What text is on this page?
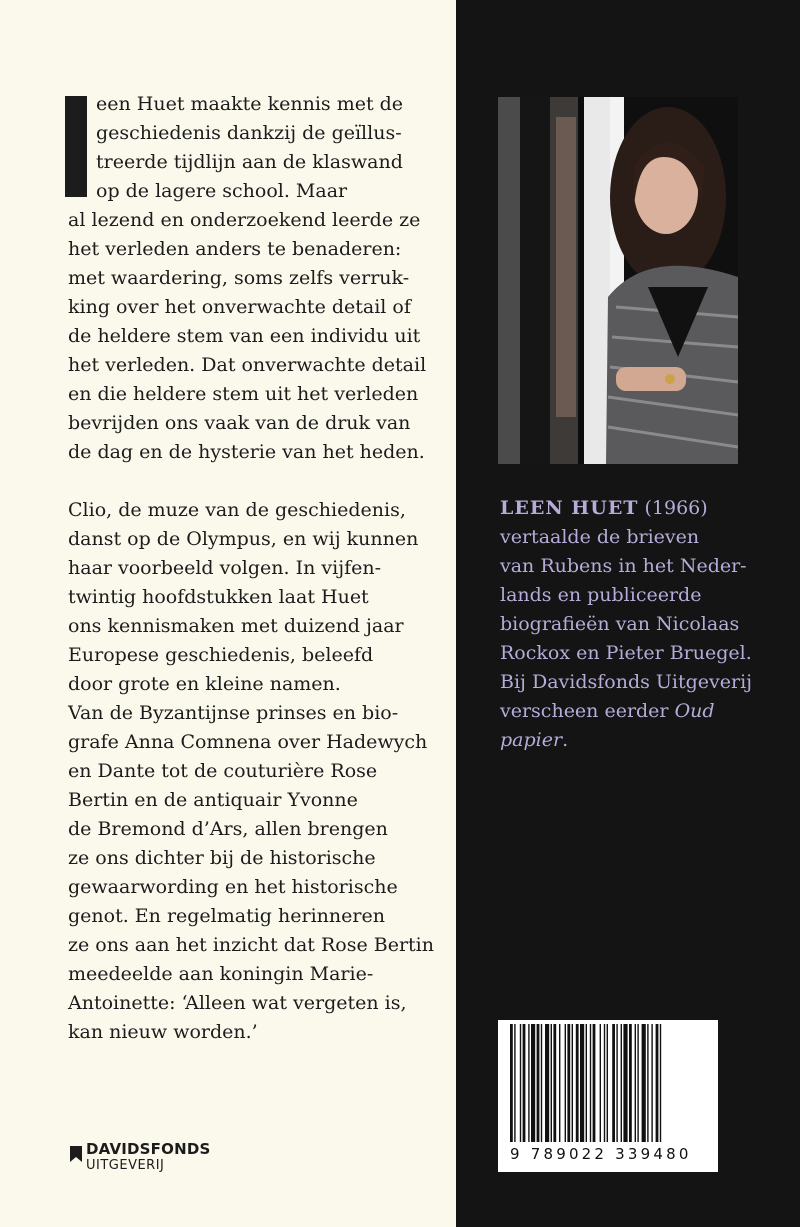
een Huet maakte kennis met de
geschiedenis dankzij de geïllus-
treerde tijdlijn aan de klaswand
op de lagere school. Maar
al lezend en onderzoekend leerde ze
het verleden anders te benaderen:
met waardering, soms zelfs verruk-
king over het onverwachte detail of
de heldere stem van een individu uit
het verleden. Dat onverwachte detail
en die heldere stem uit het verleden
bevrijden ons vaak van de druk van
de dag en de hysterie van het heden.
Clio, de muze van de geschiedenis,
danst op de Olympus, en wij kunnen
haar voorbeeld volgen. In vijfen-
twintig hoofdstukken laat Huet
ons kennismaken met duizend jaar
Europese geschiedenis, beleefd
door grote en kleine namen.
Van de Byzantijnse prinses en bio-
grafe Anna Comnena over Hadewych
en Dante tot de couturière Rose
Bertin en de antiquair Yvonne
de Bremond d’Ars, allen brengen
ze ons dichter bij de historische
gewaarwording en het historische
genot. En regelmatig herinneren
ze ons aan het inzicht dat Rose Bertin
meedeelde aan koningin Marie-
Antoinette: ‘Alleen wat vergeten is,
kan nieuw worden.’
LEEN HUET (1966)
vertaalde de brieven
van Rubens in het Neder-
lands en publiceerde
biografieën van Nicolaas
Rockox en Pieter Bruegel.
Bij Davidsfonds Uitgeverij
verscheen eerder Oud
papier.
9 789022 339480
DAVIDSFONDS
UITGEVERIJ
